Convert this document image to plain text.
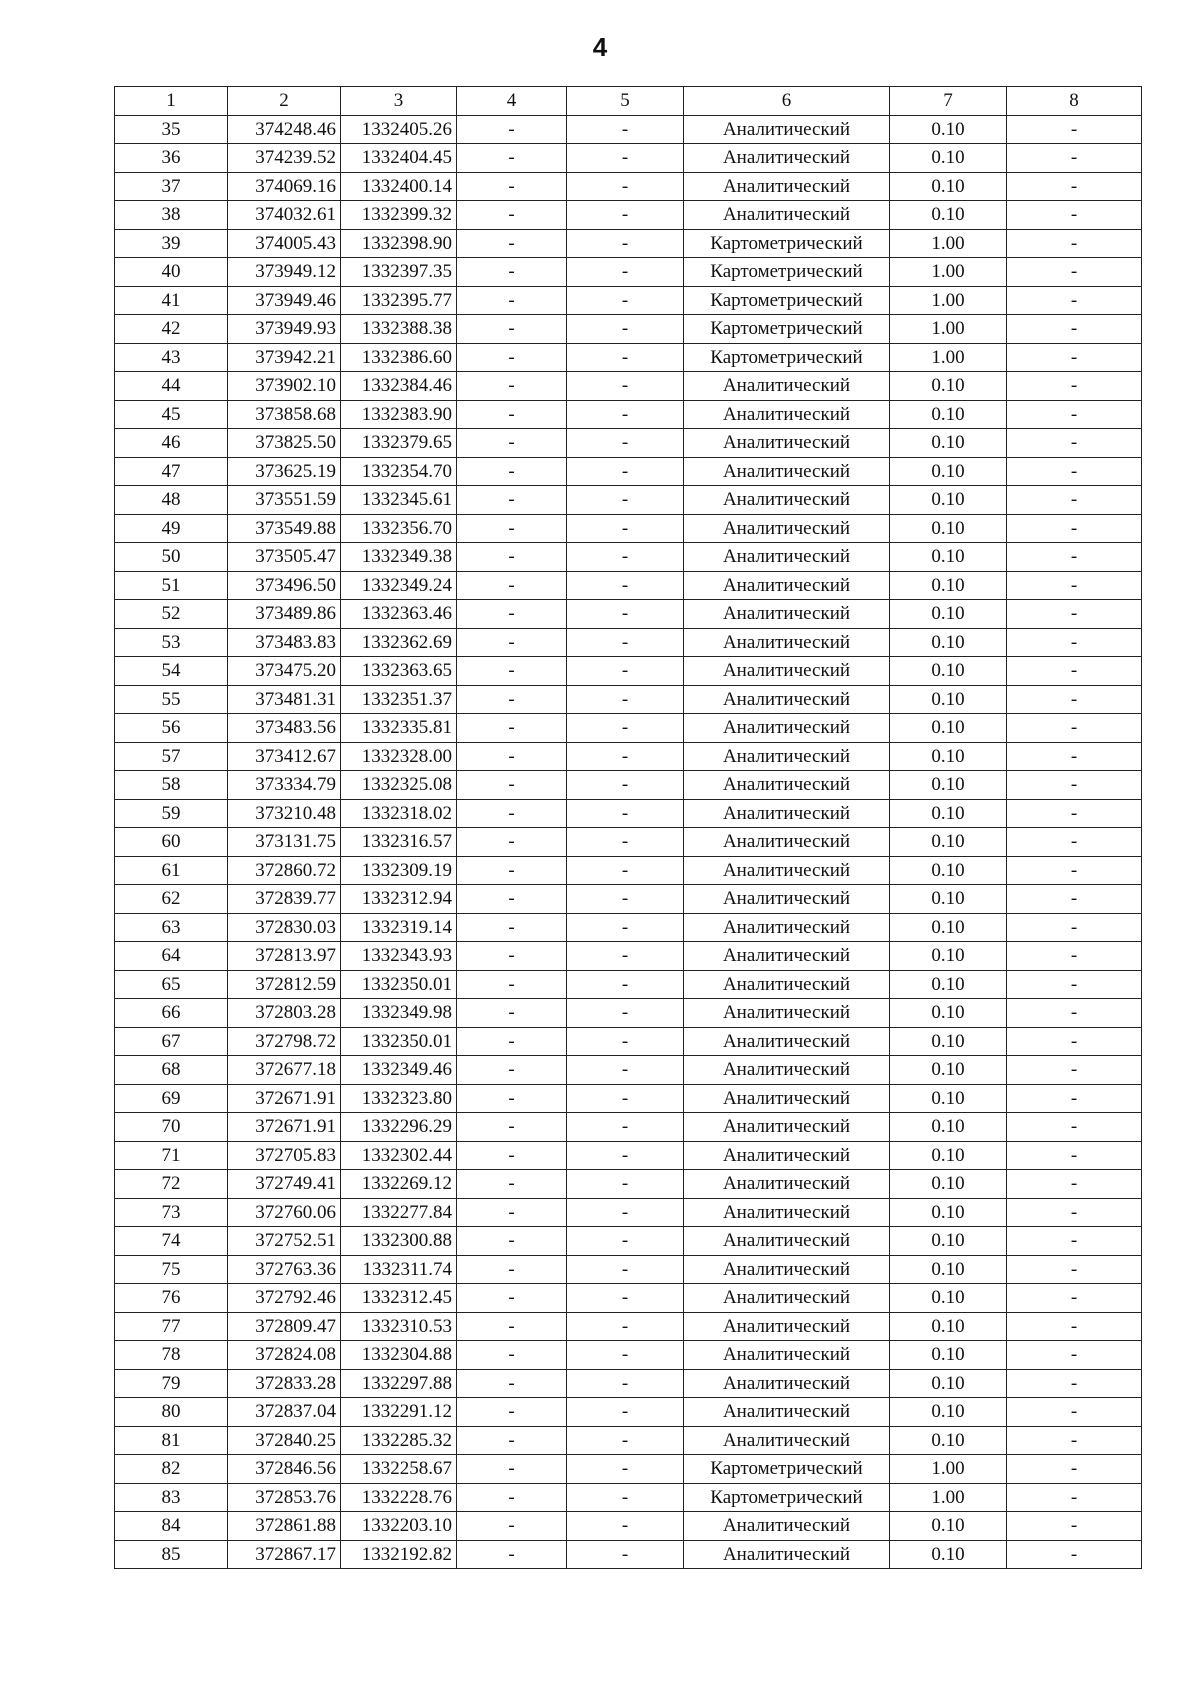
4
1	2	3	4	5	6	7	8
35	374248.46	1332405.26	-	-	Аналитический	0.10	-
36	374239.52	1332404.45	-	-	Аналитический	0.10	-
37	374069.16	1332400.14	-	-	Аналитический	0.10	-
38	374032.61	1332399.32	-	-	Аналитический	0.10	-
39	374005.43	1332398.90	-	-	Картометрический	1.00	-
40	373949.12	1332397.35	-	-	Картометрический	1.00	-
41	373949.46	1332395.77	-	-	Картометрический	1.00	-
42	373949.93	1332388.38	-	-	Картометрический	1.00	-
43	373942.21	1332386.60	-	-	Картометрический	1.00	-
44	373902.10	1332384.46	-	-	Аналитический	0.10	-
45	373858.68	1332383.90	-	-	Аналитический	0.10	-
46	373825.50	1332379.65	-	-	Аналитический	0.10	-
47	373625.19	1332354.70	-	-	Аналитический	0.10	-
48	373551.59	1332345.61	-	-	Аналитический	0.10	-
49	373549.88	1332356.70	-	-	Аналитический	0.10	-
50	373505.47	1332349.38	-	-	Аналитический	0.10	-
51	373496.50	1332349.24	-	-	Аналитический	0.10	-
52	373489.86	1332363.46	-	-	Аналитический	0.10	-
53	373483.83	1332362.69	-	-	Аналитический	0.10	-
54	373475.20	1332363.65	-	-	Аналитический	0.10	-
55	373481.31	1332351.37	-	-	Аналитический	0.10	-
56	373483.56	1332335.81	-	-	Аналитический	0.10	-
57	373412.67	1332328.00	-	-	Аналитический	0.10	-
58	373334.79	1332325.08	-	-	Аналитический	0.10	-
59	373210.48	1332318.02	-	-	Аналитический	0.10	-
60	373131.75	1332316.57	-	-	Аналитический	0.10	-
61	372860.72	1332309.19	-	-	Аналитический	0.10	-
62	372839.77	1332312.94	-	-	Аналитический	0.10	-
63	372830.03	1332319.14	-	-	Аналитический	0.10	-
64	372813.97	1332343.93	-	-	Аналитический	0.10	-
65	372812.59	1332350.01	-	-	Аналитический	0.10	-
66	372803.28	1332349.98	-	-	Аналитический	0.10	-
67	372798.72	1332350.01	-	-	Аналитический	0.10	-
68	372677.18	1332349.46	-	-	Аналитический	0.10	-
69	372671.91	1332323.80	-	-	Аналитический	0.10	-
70	372671.91	1332296.29	-	-	Аналитический	0.10	-
71	372705.83	1332302.44	-	-	Аналитический	0.10	-
72	372749.41	1332269.12	-	-	Аналитический	0.10	-
73	372760.06	1332277.84	-	-	Аналитический	0.10	-
74	372752.51	1332300.88	-	-	Аналитический	0.10	-
75	372763.36	1332311.74	-	-	Аналитический	0.10	-
76	372792.46	1332312.45	-	-	Аналитический	0.10	-
77	372809.47	1332310.53	-	-	Аналитический	0.10	-
78	372824.08	1332304.88	-	-	Аналитический	0.10	-
79	372833.28	1332297.88	-	-	Аналитический	0.10	-
80	372837.04	1332291.12	-	-	Аналитический	0.10	-
81	372840.25	1332285.32	-	-	Аналитический	0.10	-
82	372846.56	1332258.67	-	-	Картометрический	1.00	-
83	372853.76	1332228.76	-	-	Картометрический	1.00	-
84	372861.88	1332203.10	-	-	Аналитический	0.10	-
85	372867.17	1332192.82	-	-	Аналитический	0.10	-
